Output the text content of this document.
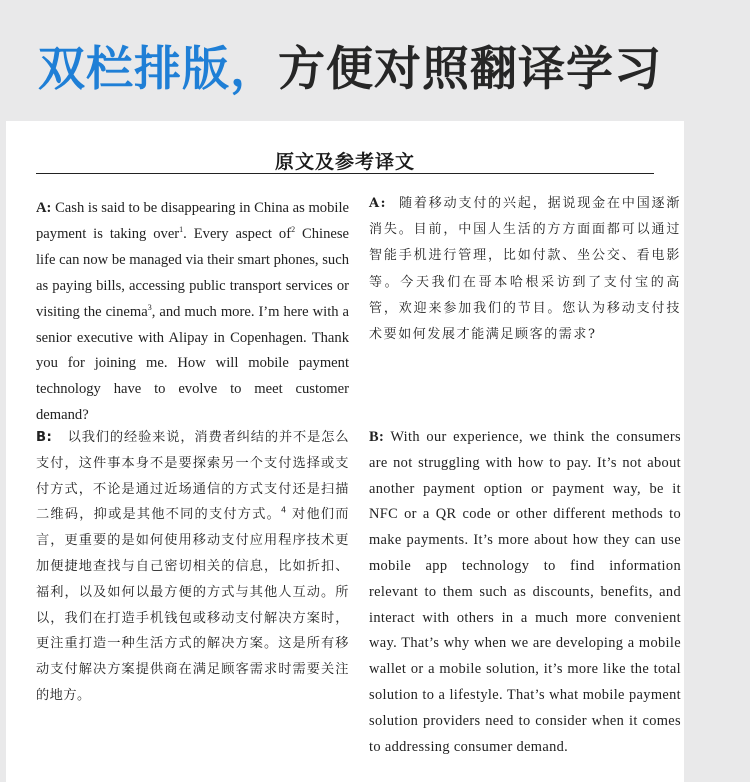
双栏排版，方便对照翻译学习
原文及参考译文
A: Cash is said to be disappearing in China as mobile payment is taking over$^1$. Every aspect $of^2$ Chinese life can now be managed via their smart phones, such as paying bills, accessing public transport services or visiting the cinema$^3$, and much more. I’m here with a senior executive with Alipay in Copenhagen. Thank you for joining me. How will mobile payment technology have to evolve to meet customer demand?
A: 随着移动支付的兴起，据说现金在中国逐渐消失。目前，中国人生活的方方面面都可以通过智能手机进行管理，比如付款、坐公交、看电影等。今天我们在哥本哈根采访到了支付宝的高管，欢迎来参加我们的节目。您认为移动支付技术要如何发展才能满足顾客的需求?
B: 以我们的经验来说，消费者纠结的并不是怎么支付，这件事本身不是要探索另一个支付选择或支付方式，不论是通过近场通信的方式支付还是扫描二维码，抑或是其他不同的支付方式。$^4$ 对他们而言，更重要的是如何使用移动支付应用程序技术更加便捷地查找与自己密切相关的信息，比如折扣、福利，以及如何以最方便的方式与其他人互动。所以，我们在打造手机钱包或移动支付解决方案时，更注重打造一种生活方式的解决方案。这是所有移动支付解决方案提供商在满足顾客需求时需要关注的地方。
B: With our experience, we think the consumers are not struggling with how to pay. It’s not about another payment option or payment way, be it NFC or a QR code or other different methods to make payments. It’s more about how they can use mobile app technology to find information relevant to them such as discounts, benefits, and interact with others in a much more convenient way. That’s why when we are developing a mobile wallet or a mobile solution, it’s more like the total solution to a lifestyle. That’s what mobile payment solution providers need to consider when it comes to addressing consumer demand.
